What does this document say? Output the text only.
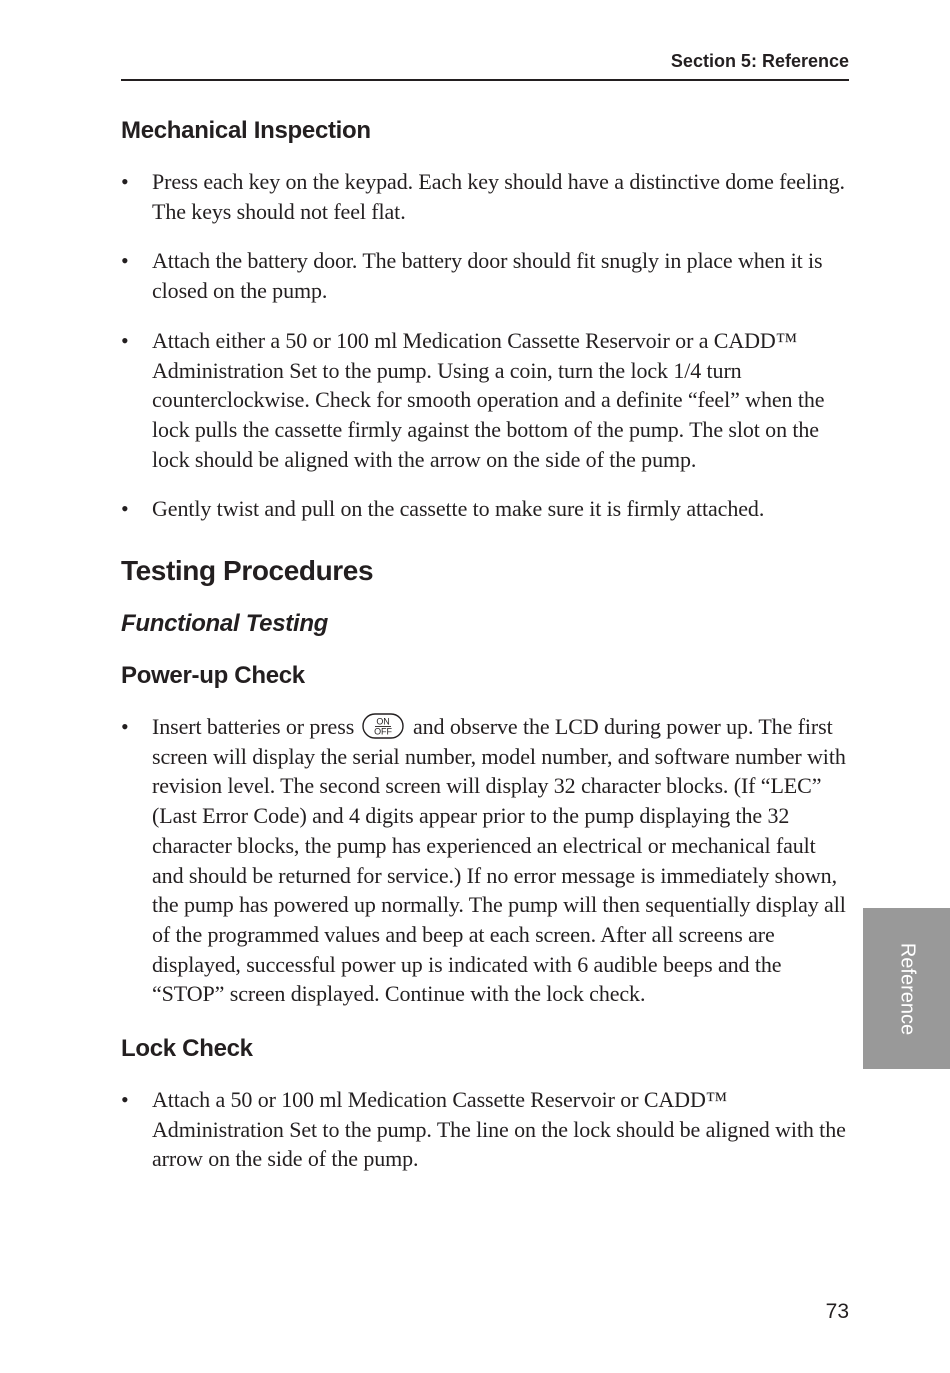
Section 5: Reference
Mechanical Inspection
• Press each key on the keypad. Each key should have a distinctive dome feeling. The keys should not feel flat.
• Attach the battery door. The battery door should fit snugly in place when it is closed on the pump.
• Attach either a 50 or 100 ml Medication Cassette Reservoir or a CADD™ Administration Set to the pump. Using a coin, turn the lock 1/4 turn counterclockwise. Check for smooth operation and a definite “feel” when the lock pulls the cassette firmly against the bottom of the pump. The slot on the lock should be aligned with the arrow on the side of the pump.
• Gently twist and pull on the cassette to make sure it is firmly attached.
Testing Procedures
Functional Testing
Power-up Check
• Insert batteries or press ON
OFF and observe the LCD during power up. The first screen will display the serial number, model number, and software number with revision level. The second screen will display 32 character blocks. (If “LEC” (Last Error Code) and 4 digits appear prior to the pump displaying the 32 character blocks, the pump has experienced an electrical or mechanical fault and should be returned for service.) If no error message is immediately shown, the pump has powered up normally. The pump will then sequentially display all of the programmed values and beep at each screen. After all screens are displayed, successful power up is indicated with 6 audible beeps and the “STOP” screen displayed. Continue with the lock check.
Lock Check
• Attach a 50 or 100 ml Medication Cassette Reservoir or CADD™ Administration Set to the pump. The line on the lock should be aligned with the arrow on the side of the pump.
Reference
73
